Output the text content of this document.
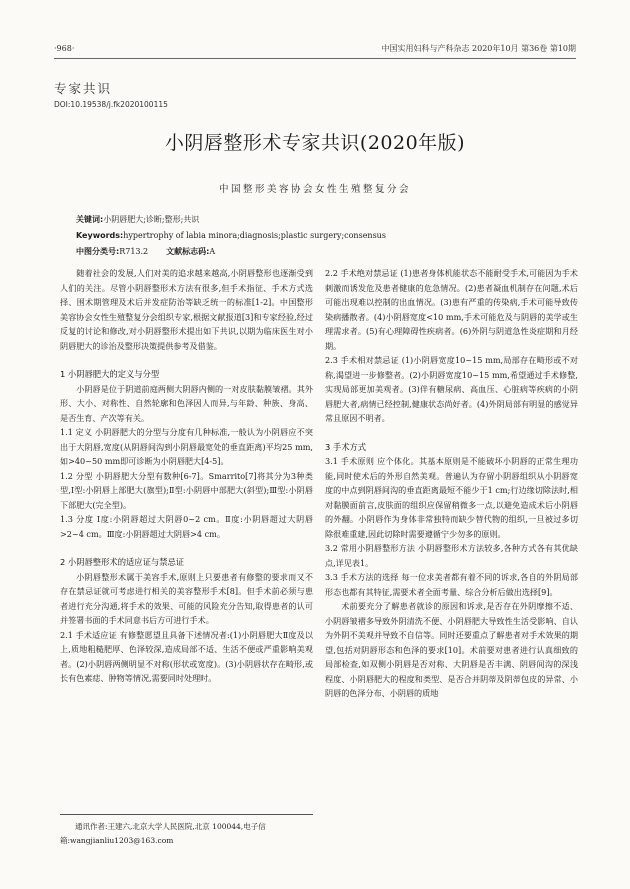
·968·	中国实用妇科与产科杂志 2020年10月 第36卷 第10期
专家共识
DOI:10.19538/j.fk2020100115
小阴唇整形术专家共识(2020年版)
中国整形美容协会女性生殖整复分会
关键词:小阴唇肥大;诊断;整形;共识
Keywords:hypertrophy of labia minora;diagnosis;plastic surgery;consensus
中图分类号:R713.2 文献标志码:A

随着社会的发展,人们对美的追求越来越高,小阴唇整形也逐渐受到人们的关注。尽管小阴唇整形术方法有很多,但手术指征、手术方式选择、围术期管理及术后并发症防治等缺乏统一的标准[1-2]。中国整形美容协会女性生殖整复分会组织专家,根据文献报道[3]和专家经验,经过反复的讨论和修改,对小阴唇整形术提出如下共识,以期为临床医生对小阴唇肥大的诊治及整形决策提供参考及借鉴。

1 小阴唇肥大的定义与分型

小阴唇是位于阴道前庭两侧大阴唇内侧的一对皮肤黏膜皱褶。其外形、大小、对称性、自然轮廓和色泽因人而异,与年龄、种族、身高、是否生育、产次等有关。

1.1 定义 小阴唇肥大的分型与分度有几种标准,一般认为小阴唇应不突出于大阴唇,宽度(从阴唇间沟到小阴唇最宽处的垂直距离)平均25 mm,如>40~50 mm即可诊断为小阴唇肥大[4-5]。

1.2 分型 小阴唇肥大分型有数种[6-7]。Smarrito[7]将其分为3种类型,Ⅰ型:小阴唇上部肥大(旗型);Ⅱ型:小阴唇中部肥大(斜型);Ⅲ型:小阴唇下部肥大(完全型)。

1.3 分度 Ⅰ度:小阴唇超过大阴唇0~2 cm。Ⅱ度:小阴唇超过大阴唇>2~4 cm。Ⅲ度:小阴唇超过大阴唇>4 cm。

2 小阴唇整形术的适应证与禁忌证

小阴唇整形术属于美容手术,原则上只要患者有修整的要求而又不存在禁忌证就可考虑进行相关的美容整形手术[8]。但手术前必须与患者进行充分沟通,将手术的效果、可能的风险充分告知,取得患者的认可并签署书面的手术同意书后方可进行手术。

2.1 手术适应证 有修整愿望且具备下述情况者:(1)小阴唇肥大Ⅱ度及以上,质地粗糙肥厚、色泽较深,造成局部不适、生活不便或严重影响美观者。(2)小阴唇两侧明显不对称(形状或宽度)。(3)小阴唇状存在畸形,或长有色素痣、肿物等情况,需要同时处理时。

2.2 手术绝对禁忌证 (1)患者身体机能状态不能耐受手术,可能因为手术刺激而诱发危及患者健康的危急情况。(2)患者凝血机制存在问题,术后可能出现难以控制的出血情况。(3)患有严重的传染病,手术可能导致传染病播散者。(4)小阴唇宽度<10 mm,手术可能危及与阴唇的美学或生理需求者。(5)有心理障碍性疾病者。(6)外阴与阴道急性炎症期和月经期。

2.3 手术相对禁忌证 (1)小阴唇宽度10~15 mm,局部存在畸形或不对称,渴望进一步修整者。(2)小阴唇宽度10~15 mm,希望通过手术修整,实现局部更加美观者。(3)伴有糖尿病、高血压、心脏病等疾病的小阴唇肥大者,病情已经控制,健康状态尚好者。(4)外阴局部有明显的感觉异常且原因不明者。

3 手术方式

3.1 手术原则 应个体化。其基本原则是不能破坏小阴唇的正常生理功能,同时使术后的外形自然美观。普遍认为存留小阴唇组织从小阴唇宽度的中点到阴唇间沟的垂直距离最短不能少于1 cm;行边缘切除法时,相对黏膜面前言,皮肤面的组织应保留稍微多一点,以避免造成术后小阴唇的外翻。小阴唇作为身体非常独特而缺少替代物的组织,一旦被过多切除很难重建,因此切除时需要遵循宁少勿多的原则。

3.2 常用小阴唇整形方法 小阴唇整形术方法较多,各种方式各有其优缺点,详见表1。

3.3 手术方法的选择 每一位求美者都有着不同的诉求,各自的外阴局部形态也都有其特征,需要术者全面考量、综合分析后做出选择[9]。

术前要充分了解患者就诊的原因和诉求,是否存在外阴摩擦不适、小阴唇皱褶多导致外阴清洗不便、小阴唇肥大导致性生活受影响、自认为外阴不美观并导致不自信等。同时还要重点了解患者对手术效果的期望,包括对阴唇形态和色泽的要求[10]。术前要对患者进行认真细致的局部检查,如双侧小阴唇是否对称、大阴唇是否丰满、阴唇间沟的深浅程度、小阴唇肥大的程度和类型、是否合并阴蒂及阴蒂包皮的异常、小阴唇的色泽分布、小阴唇的质地

通讯作者:王建六,北京大学人民医院,北京 100044,电子信箱:wangjianliu1203@163.com
